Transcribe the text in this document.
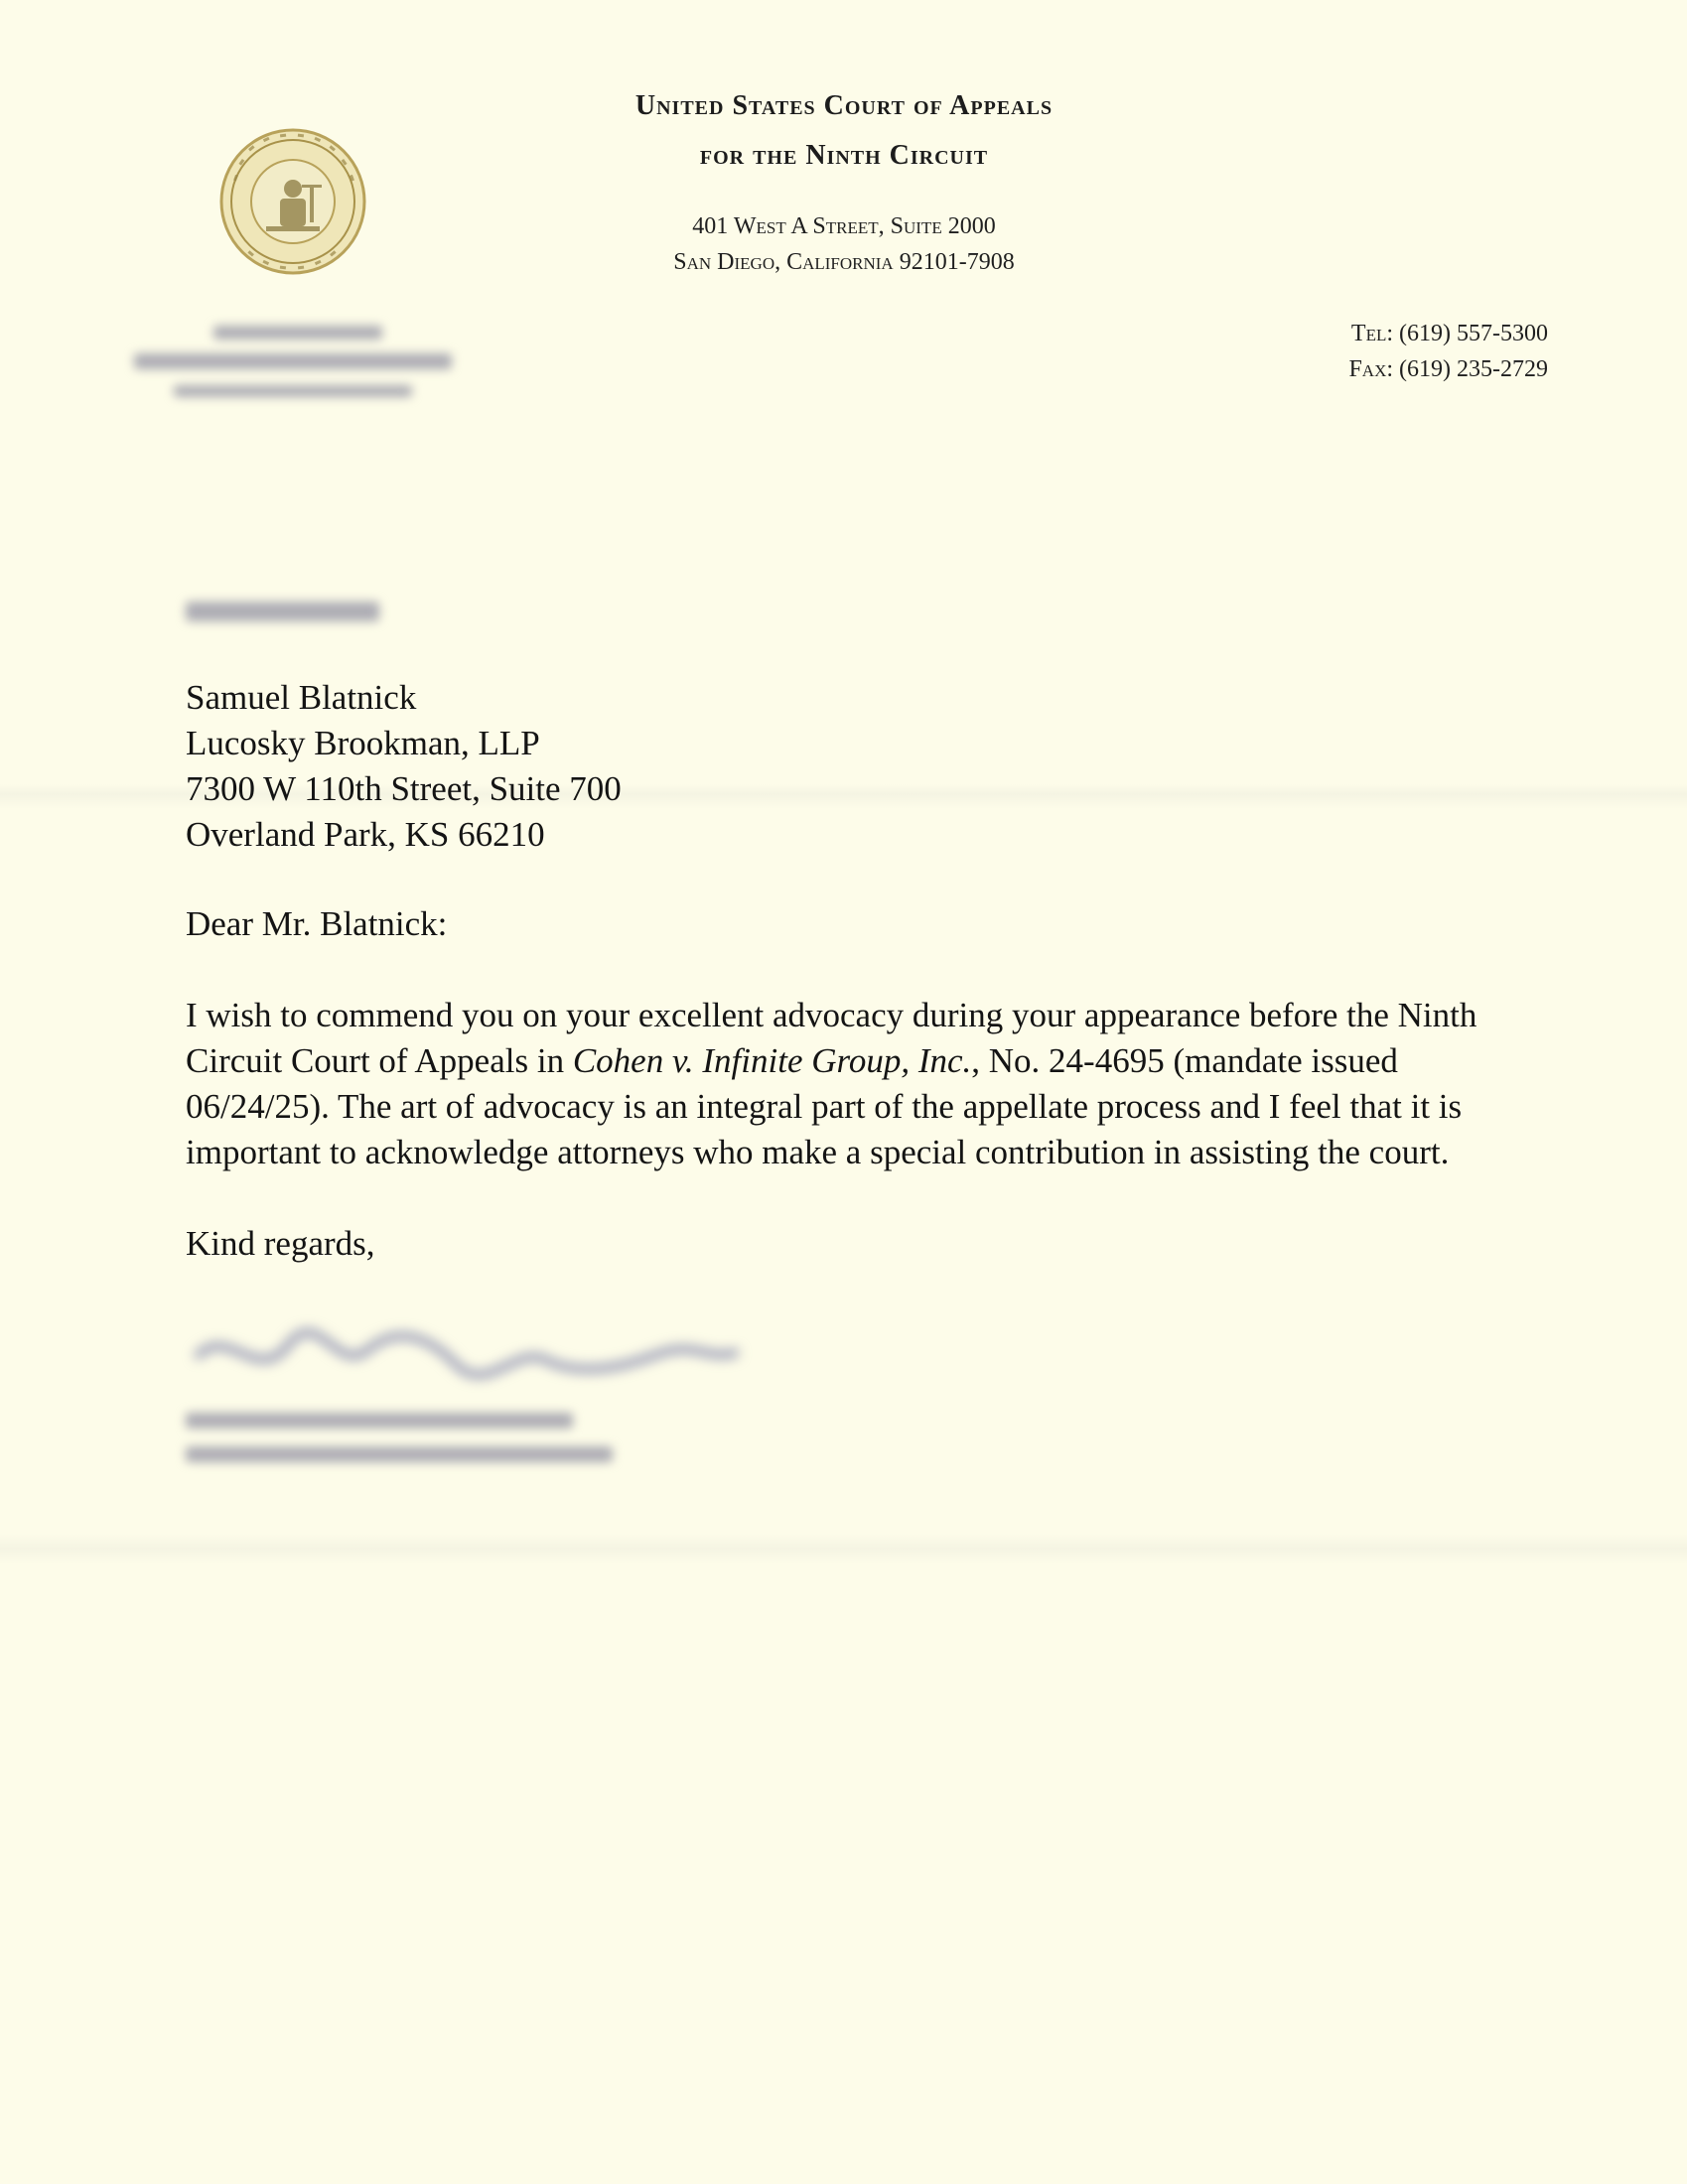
United States Court of Appeals
for the Ninth Circuit
401 West A Street, Suite 2000
San Diego, California 92101-7908
Tel: (619) 557-5300
Fax: (619) 235-2729
Samuel Blatnick
Lucosky Brookman, LLP
7300 W 110th Street, Suite 700
Overland Park, KS 66210
Dear Mr. Blatnick:
I wish to commend you on your excellent advocacy during your appearance before the Ninth Circuit Court of Appeals in Cohen v. Infinite Group, Inc., No. 24-4695 (mandate issued 06/24/25). The art of advocacy is an integral part of the appellate process and I feel that it is important to acknowledge attorneys who make a special contribution in assisting the court.
Kind regards,
